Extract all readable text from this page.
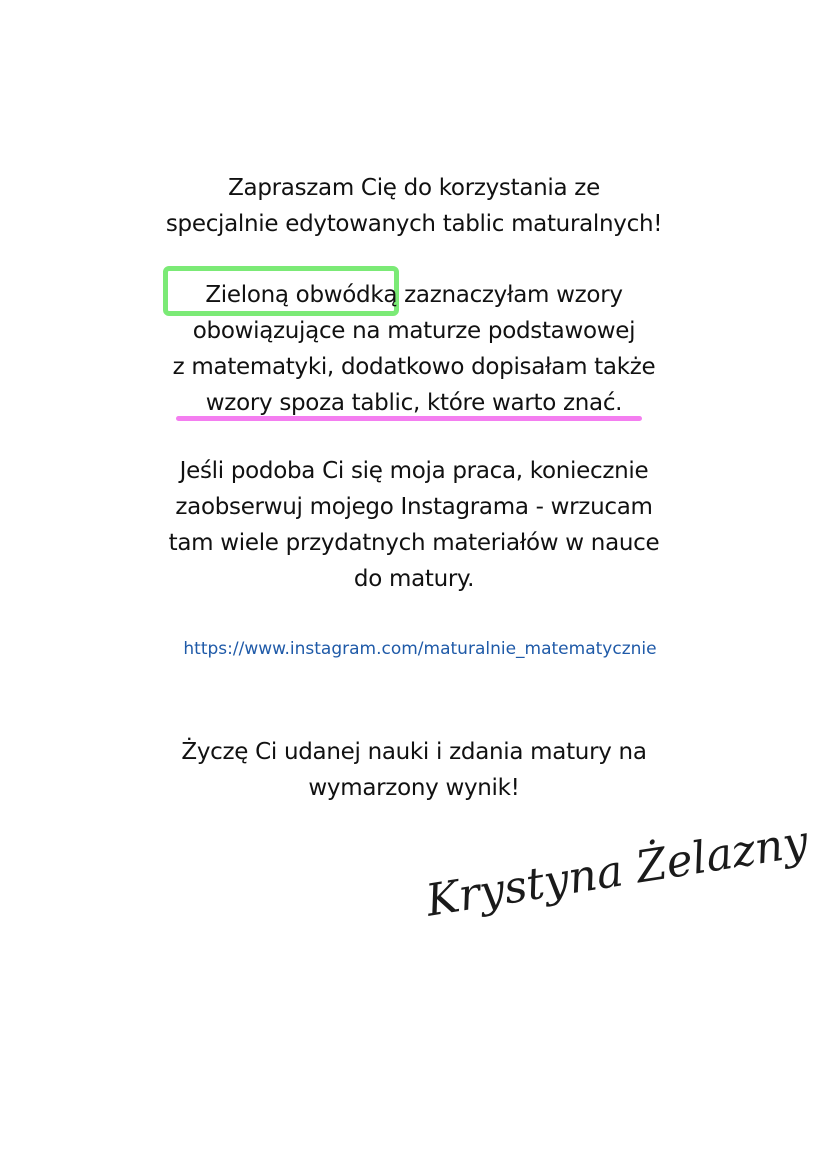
Zapraszam Cię do korzystania ze
specjalnie edytowanych tablic maturalnych!
Zieloną obwódką zaznaczyłam wzory
obowiązujące na maturze podstawowej
z matematyki, dodatkowo dopisałam także
wzory spoza tablic, które warto znać.
Jeśli podoba Ci się moja praca, koniecznie
zaobserwuj mojego Instagrama - wrzucam
tam wiele przydatnych materiałów w nauce
do matury.
https://www.instagram.com/maturalnie_matematycznie
Życzę Ci udanej nauki i zdania matury na
wymarzony wynik!
Krystyna Żelazny
